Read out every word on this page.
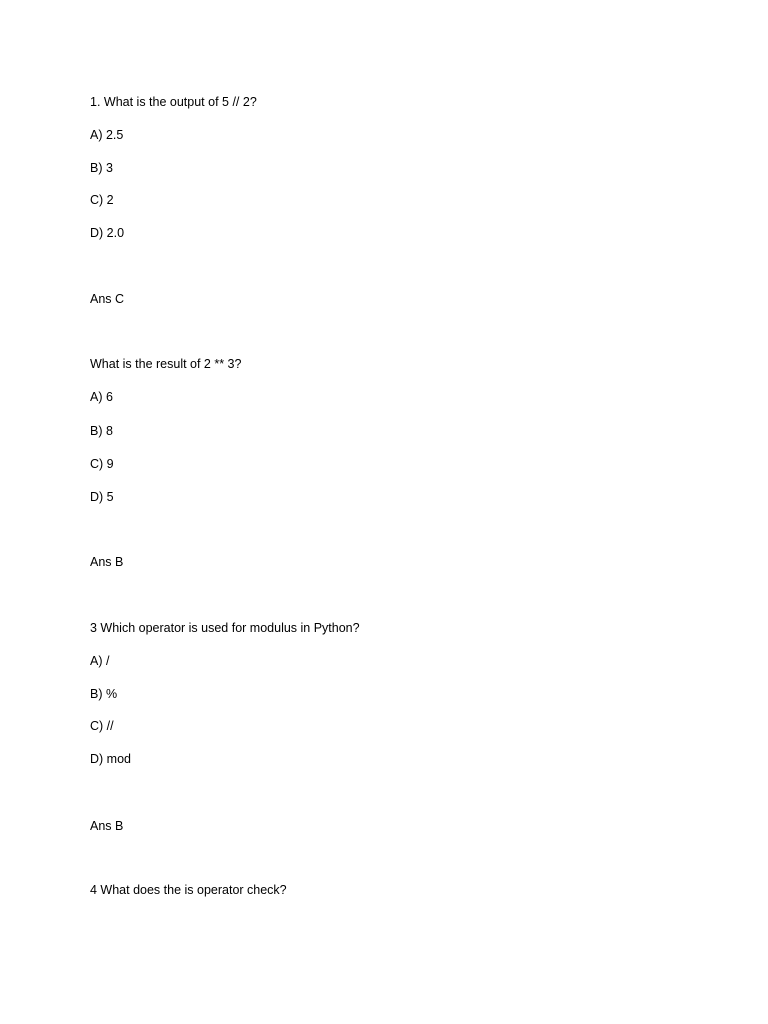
1. What is the output of 5 // 2?
A) 2.5
B) 3
C) 2
D) 2.0
Ans C
What is the result of 2 ** 3?
A) 6
B) 8
C) 9
D) 5
Ans B
3 Which operator is used for modulus in Python?
A) /
B) %
C) //
D) mod
Ans B
4 What does the is operator check?
